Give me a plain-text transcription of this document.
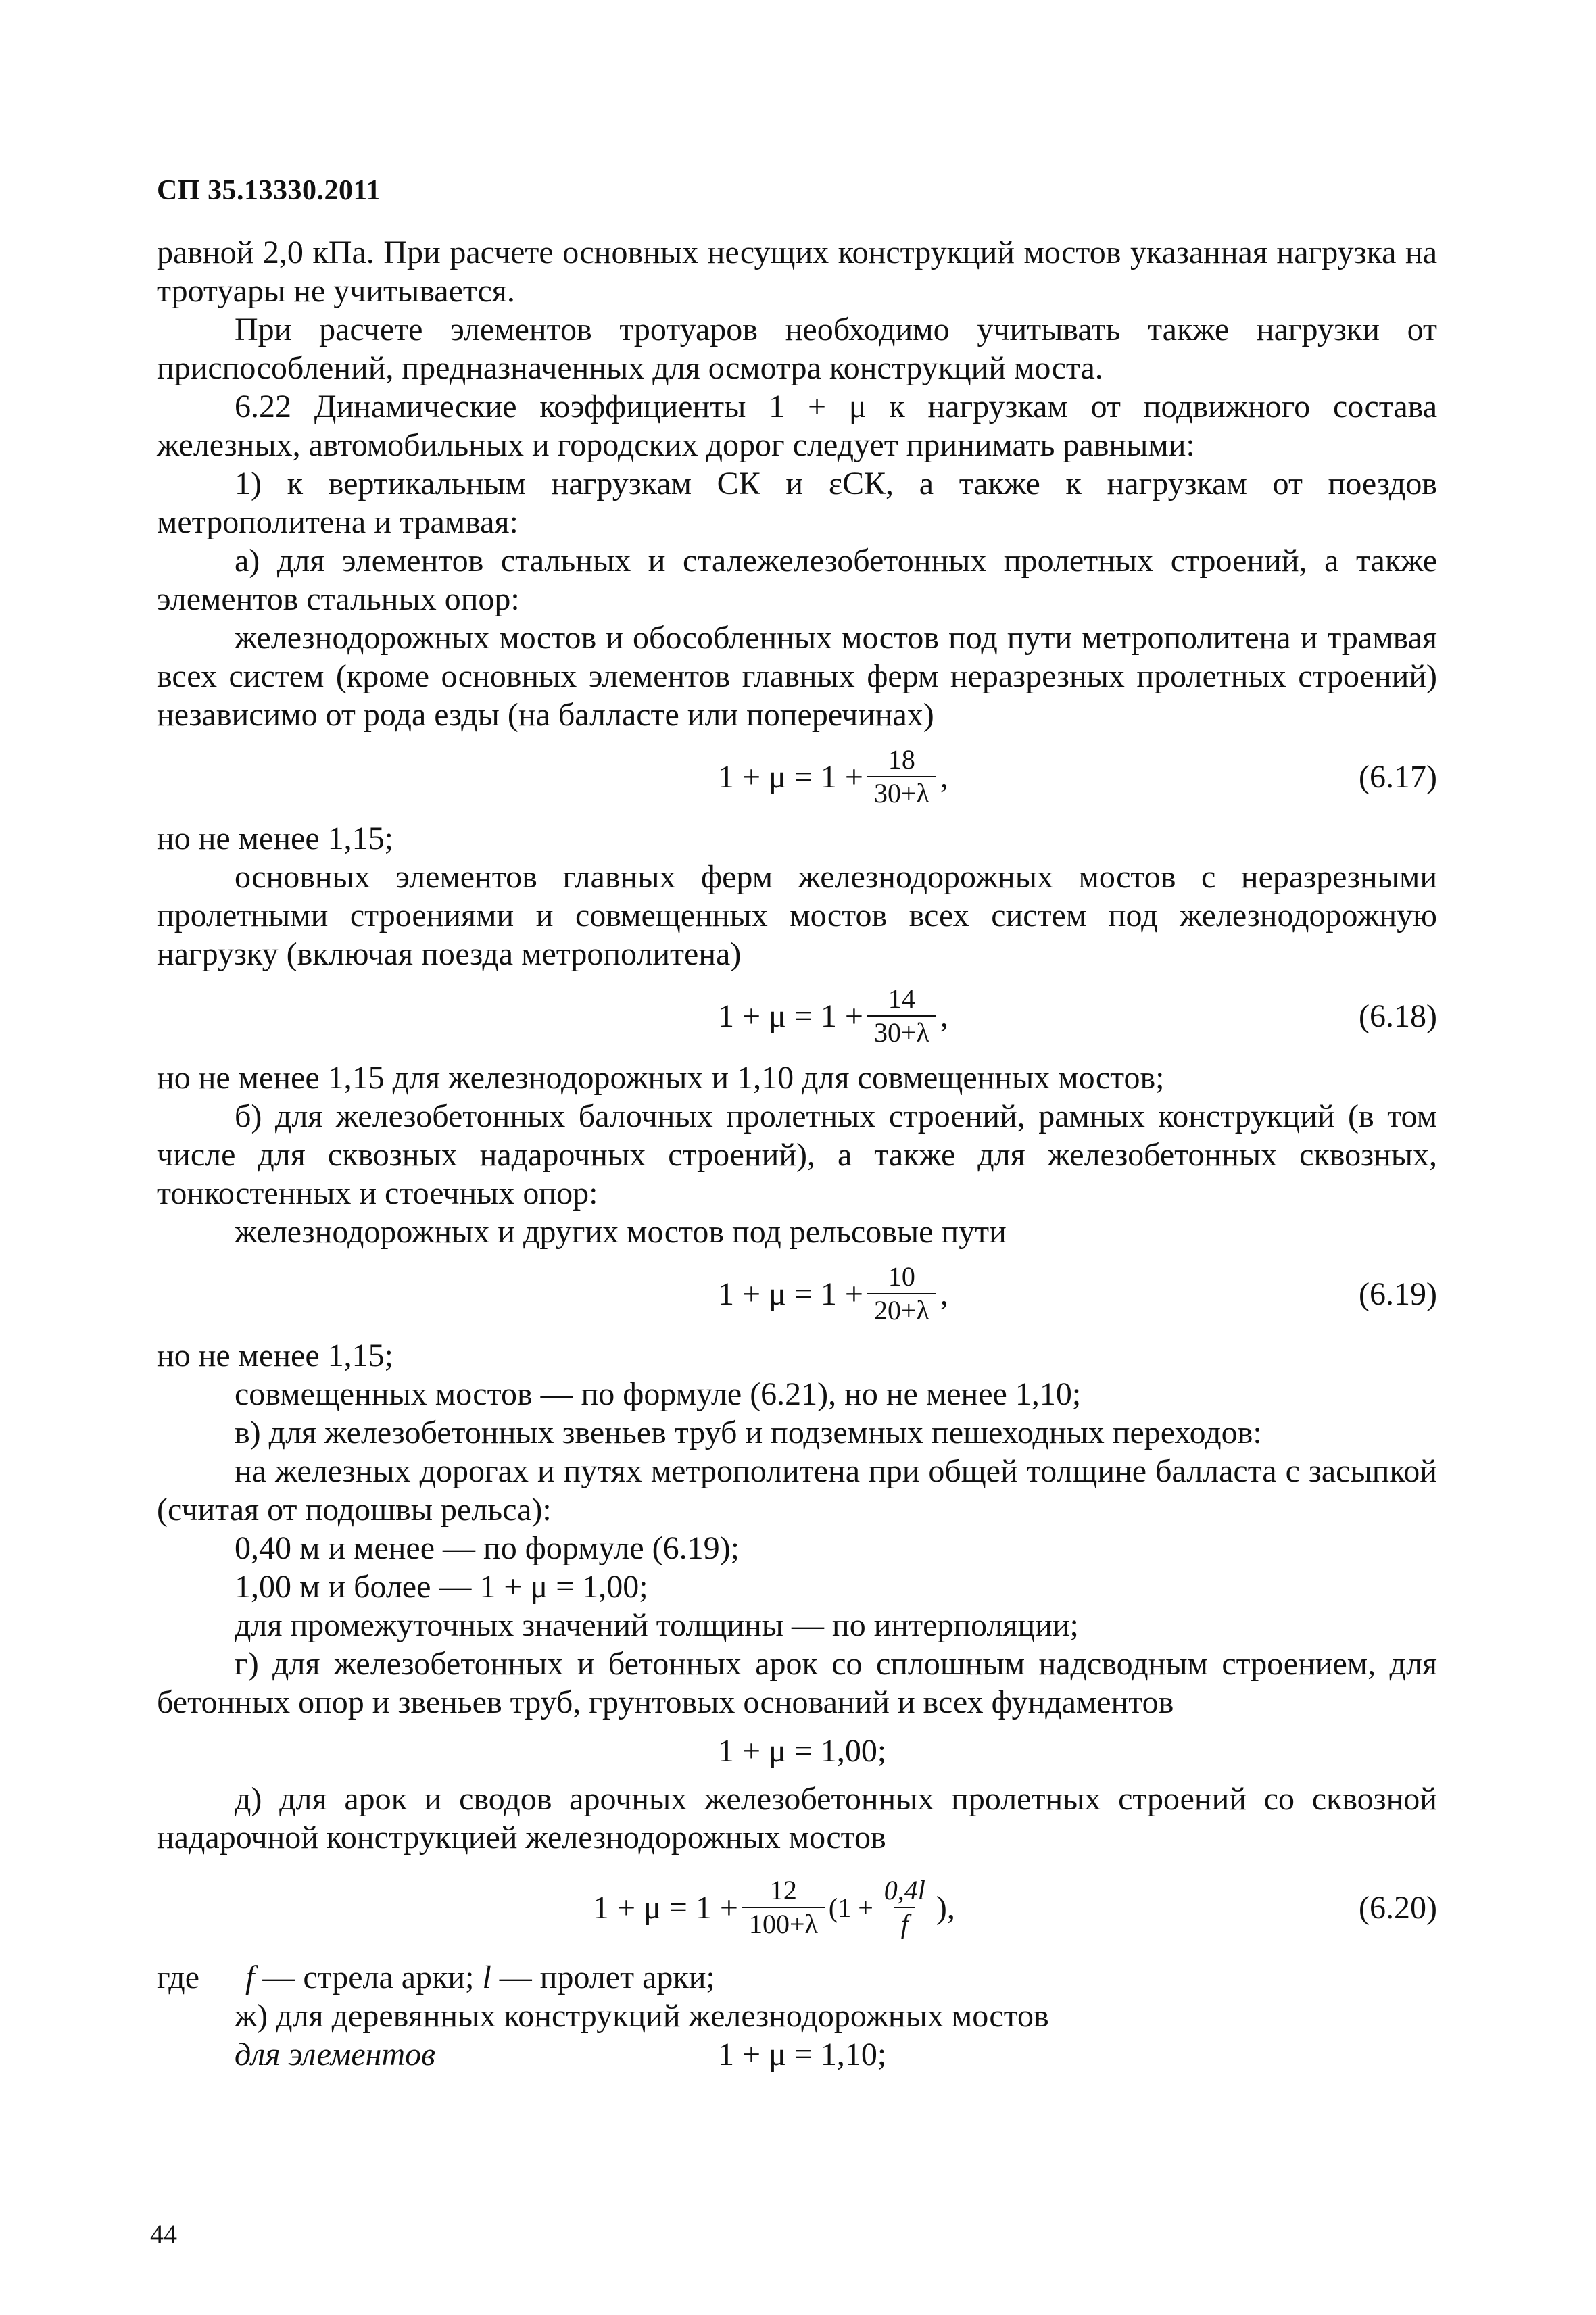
СП 35.13330.2011

равной 2,0 кПа. При расчете основных несущих конструкций мостов указанная нагрузка на тротуары не учитывается.

При расчете элементов тротуаров необходимо учитывать также нагрузки от приспособлений, предназначенных для осмотра конструкций моста.

6.22 Динамические коэффициенты 1 + μ к нагрузкам от подвижного состава железных, автомобильных и городских дорог следует принимать равными:

1) к вертикальным нагрузкам СК и εСК, а также к нагрузкам от поездов метрополитена и трамвая:

а) для элементов стальных и сталежелезобетонных пролетных строений, а также элементов стальных опор:

железнодорожных мостов и обособленных мостов под пути метрополитена и трамвая всех систем (кроме основных элементов главных ферм неразрезных пролетных строений) независимо от рода езды (на балласте или поперечинах)

$1 + \mu = 1 + \frac{18}{30+\lambda}$ ,	(6.17)

но не менее 1,15;

основных элементов главных ферм железнодорожных мостов с неразрезными пролетными строениями и совмещенных мостов всех систем под железнодорожную нагрузку (включая поезда метрополитена)

$1 + \mu = 1 + \frac{14}{30+\lambda}$ ,	(6.18)

но не менее 1,15 для железнодорожных и 1,10 для совмещенных мостов;

б) для железобетонных балочных пролетных строений, рамных конструкций (в том числе для сквозных надарочных строений), а также для железобетонных сквозных, тонкостенных и стоечных опор:

железнодорожных и других мостов под рельсовые пути

$1 + \mu = 1 + \frac{10}{20+\lambda}$ ,	(6.19)

но не менее 1,15;

совмещенных мостов — по формуле (6.21), но не менее 1,10;

в) для железобетонных звеньев труб и подземных пешеходных переходов:

на железных дорогах и путях метрополитена при общей толщине балласта с засыпкой (считая от подошвы рельса):

0,40 м и менее — по формуле (6.19);

1,00 м и более — 1 + μ = 1,00;

для промежуточных значений толщины — по интерполяции;

г) для железобетонных и бетонных арок со сплошным надсводным строением, для бетонных опор и звеньев труб, грунтовых оснований и всех фундаментов

1 + μ = 1,00;

д) для арок и сводов арочных железобетонных пролетных строений со сквозной надарочной конструкцией железнодорожных мостов

$1 + \mu = 1 + \frac{12}{100+\lambda} (1 + \frac{0,4l}{f}$ ),	(6.20)

где f — стрела арки; l — пролет арки;

ж) для деревянных конструкций железнодорожных мостов

для элементов	1 + μ = 1,10;
44
